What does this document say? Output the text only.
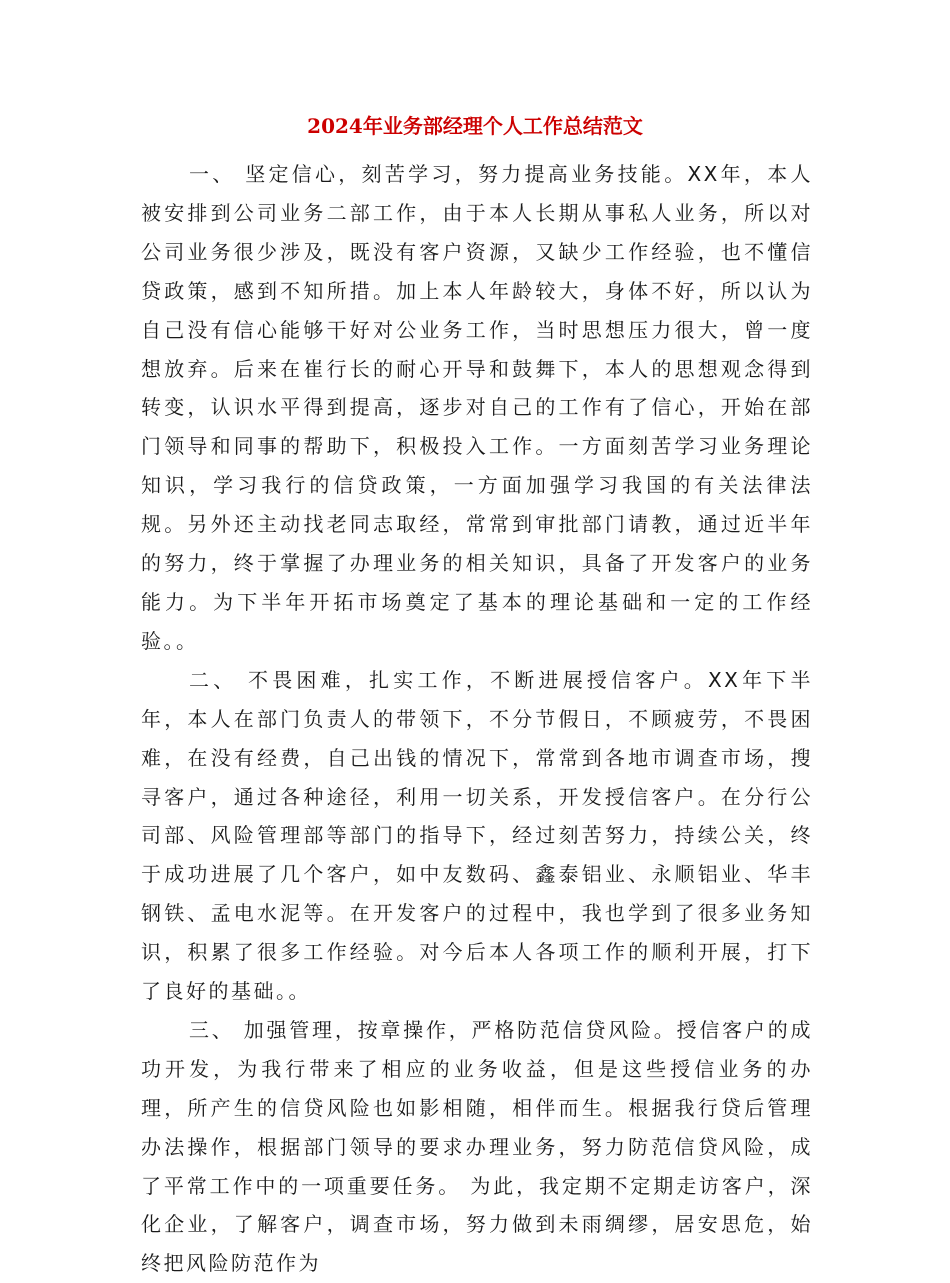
2024年业务部经理个人工作总结范文

一、 坚定信心，刻苦学习，努力提高业务技能。XX年，本人被安排到公司业务二部工作，由于本人长期从事私人业务，所以对公司业务很少涉及，既没有客户资源，又缺少工作经验，也不懂信贷政策，感到不知所措。加上本人年龄较大，身体不好，所以认为自己没有信心能够干好对公业务工作，当时思想压力很大，曾一度想放弃。后来在崔行长的耐心开导和鼓舞下，本人的思想观念得到转变，认识水平得到提高，逐步对自己的工作有了信心，开始在部门领导和同事的帮助下，积极投入工作。一方面刻苦学习业务理论知识，学习我行的信贷政策，一方面加强学习我国的有关法律法规。另外还主动找老同志取经，常常到审批部门请教，通过近半年的努力，终于掌握了办理业务的相关知识，具备了开发客户的业务能力。为下半年开拓市场奠定了基本的理论基础和一定的工作经验。。

二、 不畏困难，扎实工作，不断进展授信客户。XX年下半年，本人在部门负责人的带领下，不分节假日，不顾疲劳，不畏困难，在没有经费，自己出钱的情况下，常常到各地市调查市场，搜寻客户，通过各种途径，利用一切关系，开发授信客户。在分行公司部、风险管理部等部门的指导下，经过刻苦努力，持续公关，终于成功进展了几个客户，如中友数码、鑫泰铝业、永顺铝业、华丰钢铁、孟电水泥等。在开发客户的过程中，我也学到了很多业务知识，积累了很多工作经验。对今后本人各项工作的顺利开展，打下了良好的基础。。

三、 加强管理，按章操作，严格防范信贷风险。授信客户的成功开发，为我行带来了相应的业务收益，但是这些授信业务的办理，所产生的信贷风险也如影相随，相伴而生。根据我行贷后管理办法操作，根据部门领导的要求办理业务，努力防范信贷风险，成了平常工作中的一项重要任务。 为此，我定期不定期走访客户，深化企业，了解客户，调查市场，努力做到未雨绸缪，居安思危，始终把风险防范作为
